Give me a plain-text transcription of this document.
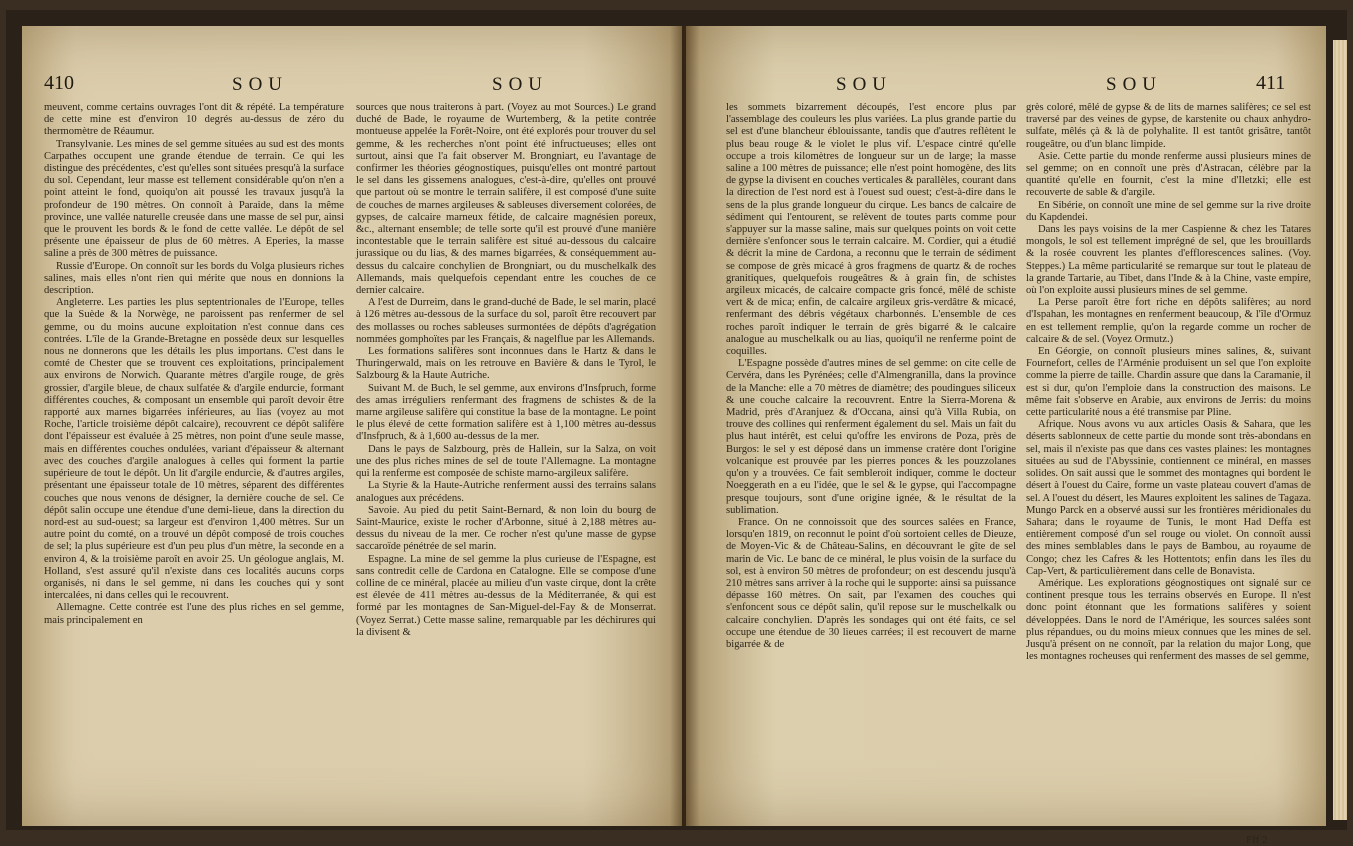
410	SOU	SOU

meuvent, comme certains ouvrages l'ont dit & répété. La température de cette mine est d'environ 10 degrés au-dessus de zéro du thermomètre de Réaumur.

Transylvanie. Les mines de sel gemme situées au sud est des monts Carpathes occupent une grande étendue de terrain. Ce qui les distingue des précédentes, c'est qu'elles sont situées presqu'à la surface du sol. Cependant, leur masse est tellement considérable qu'on n'en a point atteint le fond, quoiqu'on ait poussé les travaux jusqu'à la profondeur de 190 mètres. On connoît à Paraide, dans la même province, une vallée naturelle creusée dans une masse de sel pur, ainsi que le prouvent les bords & le fond de cette vallée. Le dépôt de sel présente une épaisseur de plus de 60 mètres. A Eperies, la masse saline a près de 300 mètres de puissance.

Russie d'Europe. On connoît sur les bords du Volga plusieurs riches salines, mais elles n'ont rien qui mérite que nous en donnions la description.

Angleterre. Les parties les plus septentrionales de l'Europe, telles que la Suède & la Norwège, ne paroissent pas renfermer de sel gemme, ou du moins aucune exploitation n'est connue dans ces contrées. L'île de la Grande-Bretagne en possède deux sur lesquelles nous ne donnerons que les détails les plus importans. C'est dans le comté de Chester que se trouvent ces exploitations, principalement aux environs de Norwich. Quarante mètres d'argile rouge, de grès grossier, d'argile bleue, de chaux sulfatée & d'argile endurcie, formant différentes couches, & composant un ensemble qui paroît devoir être rapporté aux marnes bigarrées inférieures, au lias (voyez au mot Roche, l'article troisième dépôt calcaire), recouvrent ce dépôt salifère dont l'épaisseur est évaluée à 25 mètres, non point d'une seule masse, mais en différentes couches ondulées, variant d'épaisseur & alternant avec des couches d'argile analogues à celles qui forment la partie supérieure de tout le dépôt. Un lit d'argile endurcie, & d'autres argiles, présentant une épaisseur totale de 10 mètres, séparent des différentes couches que nous venons de désigner, la dernière couche de sel. Ce dépôt salin occupe une étendue d'une demi-lieue, dans la direction du nord-est au sud-ouest; sa largeur est d'environ 1,400 mètres. Sur un autre point du comté, on a trouvé un dépôt composé de trois couches de sel; la plus supérieure est d'un peu plus d'un mètre, la seconde en a environ 4, & la troisième paroît en avoir 25. Un géologue anglais, M. Holland, s'est assuré qu'il n'existe dans ces localités aucuns corps organisés, ni dans le sel gemme, ni dans les couches qui y sont intercalées, ni dans celles qui le recouvrent.

Allemagne. Cette contrée est l'une des plus riches en sel gemme, mais principalement en

sources que nous traiterons à part. (Voyez au mot Sources.) Le grand duché de Bade, le royaume de Wurtemberg, & la petite contrée montueuse appelée la Forêt-Noire, ont été explorés pour trouver du sel gemme, & les recherches n'ont point été infructueuses; elles ont surtout, ainsi que l'a fait observer M. Brongniart, eu l'avantage de confirmer les théories géognostiques, puisqu'elles ont montré partout le sel dans les gissemens analogues, c'est-à-dire, qu'elles ont prouvé que partout où se montre le terrain salifère, il est composé d'une suite de couches de marnes argileuses & sableuses diversement colorées, de gypses, de calcaire marneux fétide, de calcaire magnésien poreux, &c., alternant ensemble; de telle sorte qu'il est prouvé d'une manière incontestable que le terrain salifère est situé au-dessous du calcaire jurassique ou du lias, & des marnes bigarrées, & conséquemment au-dessus du calcaire conchylien de Brongniart, ou du muschelkalk des Allemands, mais quelquefois cependant entre les couches de ce dernier calcaire.

A l'est de Durreim, dans le grand-duché de Bade, le sel marin, placé à 126 mètres au-dessous de la surface du sol, paroît être recouvert par des mollasses ou roches sableuses surmontées de dépôts d'agrégation nommées gomphoïtes par les Français, & nagelflue par les Allemands.

Les formations salifères sont inconnues dans le Hartz & dans le Thuringerwald, mais on les retrouve en Bavière & dans le Tyrol, le Salzbourg & la Haute Autriche.

Suivant M. de Buch, le sel gemme, aux environs d'Insfpruch, forme des amas irréguliers renfermant des fragmens de schistes & de la marne argileuse salifère qui constitue la base de la montagne. Le point le plus élevé de cette formation salifère est à 1,100 mètres au-dessus d'Insfpruch, & à 1,600 au-dessus de la mer.

Dans le pays de Salzbourg, près de Hallein, sur la Salza, on voit une des plus riches mines de sel de toute l'Allemagne. La montagne qui la renferme est composée de schiste marno-argileux salifère.

La Styrie & la Haute-Autriche renferment aussi des terrains salans analogues aux précédens.

Savoie. Au pied du petit Saint-Bernard, & non loin du bourg de Saint-Maurice, existe le rocher d'Arbonne, situé à 2,188 mètres au-dessus du niveau de la mer. Ce rocher n'est qu'une masse de gypse saccaroïde pénétrée de sel marin.

Espagne. La mine de sel gemme la plus curieuse de l'Espagne, est sans contredit celle de Cardona en Catalogne. Elle se compose d'une colline de ce minéral, placée au milieu d'un vaste cirque, dont la crête est élevée de 411 mètres au-dessus de la Méditerranée, & qui est formé par les montagnes de San-Miguel-del-Fay & de Monserrat. (Voyez Serrat.) Cette masse saline, remarquable par les déchirures qui la divisent &

SOU	SOU	411

les sommets bizarrement découpés, l'est encore plus par l'assemblage des couleurs les plus variées. La plus grande partie du sel est d'une blancheur éblouissante, tandis que d'autres reflètent le plus beau rouge & le violet le plus vif. L'espace cintré qu'elle occupe a trois kilomètres de longueur sur un de large; la masse saline a 100 mètres de puissance; elle n'est point homogène, des lits de gypse la divisent en couches verticales & parallèles, courant dans la direction de l'est nord est à l'ouest sud ouest; c'est-à-dire dans le sens de la plus grande longueur du cirque. Les bancs de calcaire de sédiment qui l'entourent, se relèvent de toutes parts comme pour s'appuyer sur la masse saline, mais sur quelques points on voit cette dernière s'enfoncer sous le terrain calcaire. M. Cordier, qui a étudié & décrit la mine de Cardona, a reconnu que le terrain de sédiment se compose de grès micacé à gros fragmens de quartz & de roches granitiques, quelquefois rougeâtres & à grain fin, de schistes argileux micacés, de calcaire compacte gris foncé, mêlé de schiste vert & de mica; enfin, de calcaire argileux gris-verdâtre & micacé, renfermant des débris végétaux charbonnés. L'ensemble de ces roches paroît indiquer le terrain de grès bigarré & le calcaire analogue au muschelkalk ou au lias, quoiqu'il ne renferme point de coquilles.

L'Espagne possède d'autres mines de sel gemme: on cite celle de Cervéra, dans les Pyrénées; celle d'Almengranilla, dans la province de la Manche: elle a 70 mètres de diamètre; des poudingues siliceux & une couche calcaire la recouvrent. Entre la Sierra-Morena & Madrid, près d'Aranjuez & d'Occana, ainsi qu'à Villa Rubia, on trouve des collines qui renferment également du sel. Mais un fait du plus haut intérêt, est celui qu'offre les environs de Poza, près de Burgos: le sel y est déposé dans un immense cratère dont l'origine volcanique est prouvée par les pierres ponces & les pouzzolanes qu'on y a trouvées. Ce fait sembleroit indiquer, comme le docteur Noeggerath en a eu l'idée, que le sel & le gypse, qui l'accompagne presque toujours, sont d'une origine ignée, & le résultat de la sublimation.

France. On ne connoissoit que des sources salées en France, lorsqu'en 1819, on reconnut le point d'où sortoient celles de Dieuze, de Moyen-Vic & de Château-Salins, en découvrant le gîte de sel marin de Vic. Le banc de ce minéral, le plus voisin de la surface du sol, est à environ 50 mètres de profondeur; on est descendu jusqu'à 210 mètres sans arriver à la roche qui le supporte: ainsi sa puissance dépasse 160 mètres. On sait, par l'examen des couches qui s'enfoncent sous ce dépôt salin, qu'il repose sur le muschelkalk ou calcaire conchylien. D'après les sondages qui ont été faits, ce sel occupe une étendue de 30 lieues carrées; il est recouvert de marne bigarrée & de

grès coloré, mêlé de gypse & de lits de marnes salifères; ce sel est traversé par des veines de gypse, de karstenite ou chaux anhydro-sulfate, mêlés çà & là de polyhalite. Il est tantôt grisâtre, tantôt rougeâtre, ou d'un blanc limpide.

Asie. Cette partie du monde renferme aussi plusieurs mines de sel gemme; on en connoît une près d'Astracan, célèbre par la quantité qu'elle en fournit, c'est la mine d'Iletzki; elle est recouverte de sable & d'argile.

En Sibérie, on connoît une mine de sel gemme sur la rive droite du Kapdendei.

Dans les pays voisins de la mer Caspienne & chez les Tatares mongols, le sol est tellement imprégné de sel, que les brouillards & la rosée couvrent les plantes d'efflorescences salines. (Voy. Steppes.) La même particularité se remarque sur tout le plateau de la grande Tartarie, au Tibet, dans l'Inde & à la Chine, vaste empire, où l'on exploite aussi plusieurs mines de sel gemme.

La Perse paroît être fort riche en dépôts salifères; au nord d'Ispahan, les montagnes en renferment beaucoup, & l'île d'Ormuz en est tellement remplie, qu'on la regarde comme un rocher de calcaire & de sel. (Voyez Ormutz.)

En Géorgie, on connoît plusieurs mines salines, &, suivant Fournefort, celles de l'Arménie produisent un sel que l'on exploite comme la pierre de taille. Chardin assure que dans la Caramanie, il est si dur, qu'on l'emploie dans la construction des maisons. Le même fait s'observe en Arabie, aux environs de Jerris: du moins cette particularité nous a été transmise par Pline.

Afrique. Nous avons vu aux articles Oasis & Sahara, que les déserts sablonneux de cette partie du monde sont très-abondans en sel, mais il n'existe pas que dans ces vastes plaines: les montagnes situées au sud de l'Abyssinie, contiennent ce minéral, en masses solides. On sait aussi que le sommet des montagnes qui bordent le désert à l'ouest du Caire, forme un vaste plateau couvert d'amas de sel. A l'ouest du désert, les Maures exploitent les salines de Tagaza. Mungo Parck en a observé aussi sur les frontières méridionales du Sahara; dans le royaume de Tunis, le mont Had Deffa est entièrement composé d'un sel rouge ou violet. On connoît aussi des mines semblables dans le pays de Bambou, au royaume de Congo; chez les Cafres & les Hottentots; enfin dans les îles du Cap-Vert, & particulièrement dans celle de Bonavista.

Amérique. Les explorations géognostiques ont signalé sur ce continent presque tous les terrains observés en Europe. Il n'est donc point étonnant que les formations salifères y soient développées. Dans le nord de l'Amérique, les sources salées sont plus répandues, ou du moins mieux connues que les mines de sel. Jusqu'à présent on ne connoît, par la relation du major Long, que les montagnes rocheuses qui renferment des masses de sel gemme,

Fff 2
